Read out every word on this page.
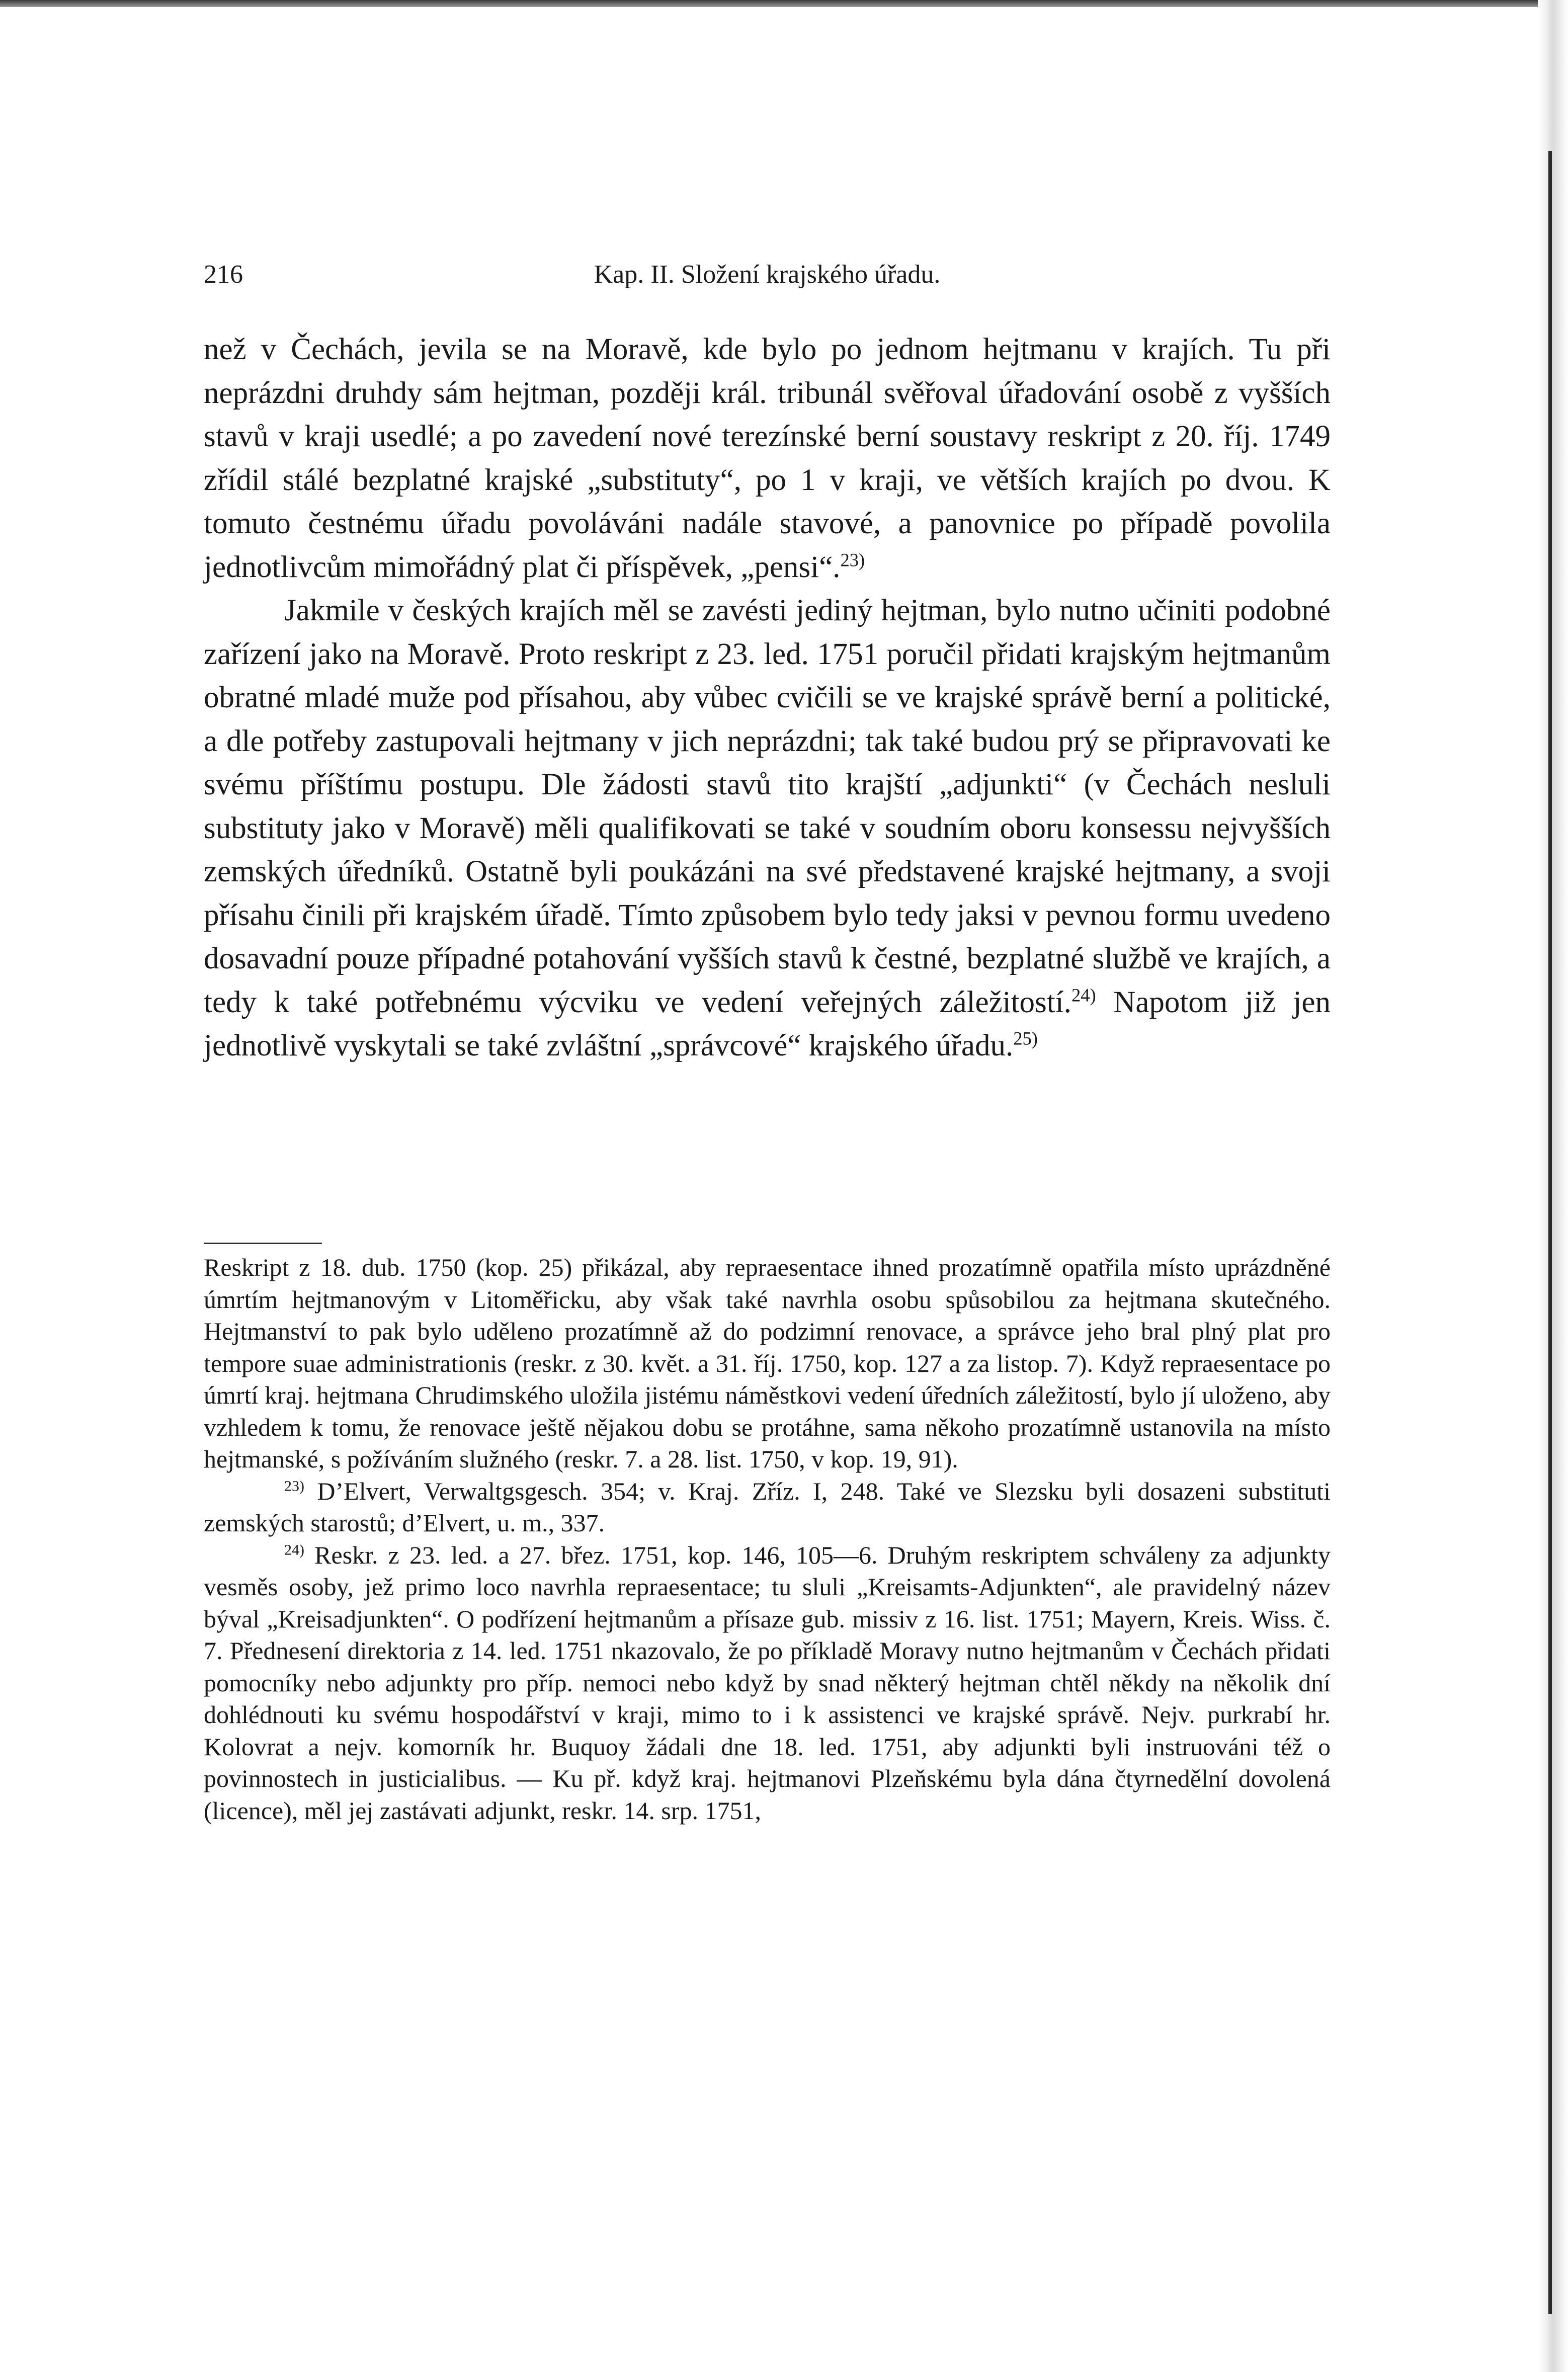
216	Kap. II. Složení krajského úřadu.

než v Čechách, jevila se na Moravě, kde bylo po jednom hejtmanu v krajích. Tu při neprázdni druhdy sám hejtman, později král. tribunál svěřoval úřadování osobě z vyšších stavů v kraji usedlé; a po zavedení nové terezínské berní soustavy reskript z 20. říj. 1749 zřídil stálé bezplatné krajské „substituty“, po 1 v kraji, ve větších krajích po dvou. K tomuto čestnému úřadu povoláváni nadále stavové, a panovnice po případě povolila jednotlivcům mimořádný plat či příspěvek, „pensi“.$^{23)}$

Jakmile v českých krajích měl se zavésti jediný hejtman, bylo nutno učiniti podobné zařízení jako na Moravě. Proto reskript z 23. led. 1751 poručil přidati krajským hejtmanům obratné mladé muže pod přísahou, aby vůbec cvičili se ve krajské správě berní a politické, a dle potřeby zastupovali hejtmany v jich neprázdni; tak také budou prý se připravovati ke svému příštímu postupu. Dle žádosti stavů tito krajští „adjunkti“ (v Čechách nesluli substituty jako v Moravě) měli qualifikovati se také v soudním oboru konsessu nejvyšších zemských úředníků. Ostatně byli poukázáni na své představené krajské hejtmany, a svoji přísahu činili při krajském úřadě. Tímto způsobem bylo tedy jaksi v pevnou formu uvedeno dosavadní pouze případné potahování vyšších stavů k čestné, bezplatné službě ve krajích, a tedy k také potřebnému výcviku ve vedení veřejných záležitostí.$^{24)}$ Napotom již jen jednotlivě vyskytali se také zvláštní „správcové“ krajského úřadu.$^{25)}$

Reskript z 18. dub. 1750 (kop. 25) přikázal, aby repraesentace ihned prozatímně opatřila místo uprázdněné úmrtím hejtmanovým v Litoměřicku, aby však také navrhla osobu spůsobilou za hejtmana skutečného. Hejtmanství to pak bylo uděleno prozatímně až do podzimní renovace, a správce jeho bral plný plat pro tempore suae administrationis (reskr. z 30. květ. a 31. říj. 1750, kop. 127 a za listop. 7). Když repraesentace po úmrtí kraj. hejtmana Chrudimského uložila jistému náměstkovi vedení úředních záležitostí, bylo jí uloženo, aby vzhledem k tomu, že renovace ještě nějakou dobu se protáhne, sama někoho prozatímně ustanovila na místo hejtmanské, s požíváním služného (reskr. 7. a 28. list. 1750, v kop. 19, 91).

$^{23)}$ D’Elvert, Verwaltgsgesch. 354; v. Kraj. Zříz. I, 248. Také ve Slezsku byli dosazeni substituti zemských starostů; d’Elvert, u. m., 337.

$^{24)}$ Reskr. z 23. led. a 27. břez. 1751, kop. 146, 105—6. Druhým reskriptem schváleny za adjunkty vesměs osoby, jež primo loco navrhla repraesentace; tu sluli „Kreisamts-Adjunkten“, ale pravidelný název býval „Kreisadjunkten“. O podřízení hejtmanům a přísaze gub. missiv z 16. list. 1751; Mayern, Kreis. Wiss. č. 7. Přednesení direktoria z 14. led. 1751 nkazovalo, že po příkladě Moravy nutno hejtmanům v Čechách přidati pomocníky nebo adjunkty pro příp. nemoci nebo když by snad některý hejtman chtěl někdy na několik dní dohlédnouti ku svému hospodářství v kraji, mimo to i k assistenci ve krajské správě. Nejv. purkrabí hr. Kolovrat a nejv. komorník hr. Buquoy žádali dne 18. led. 1751, aby adjunkti byli instruováni též o povinnostech in justicialibus. — Ku př. když kraj. hejtmanovi Plzeňskému byla dána čtyrnedělní dovolená (licence), měl jej zastávati adjunkt, reskr. 14. srp. 1751,
